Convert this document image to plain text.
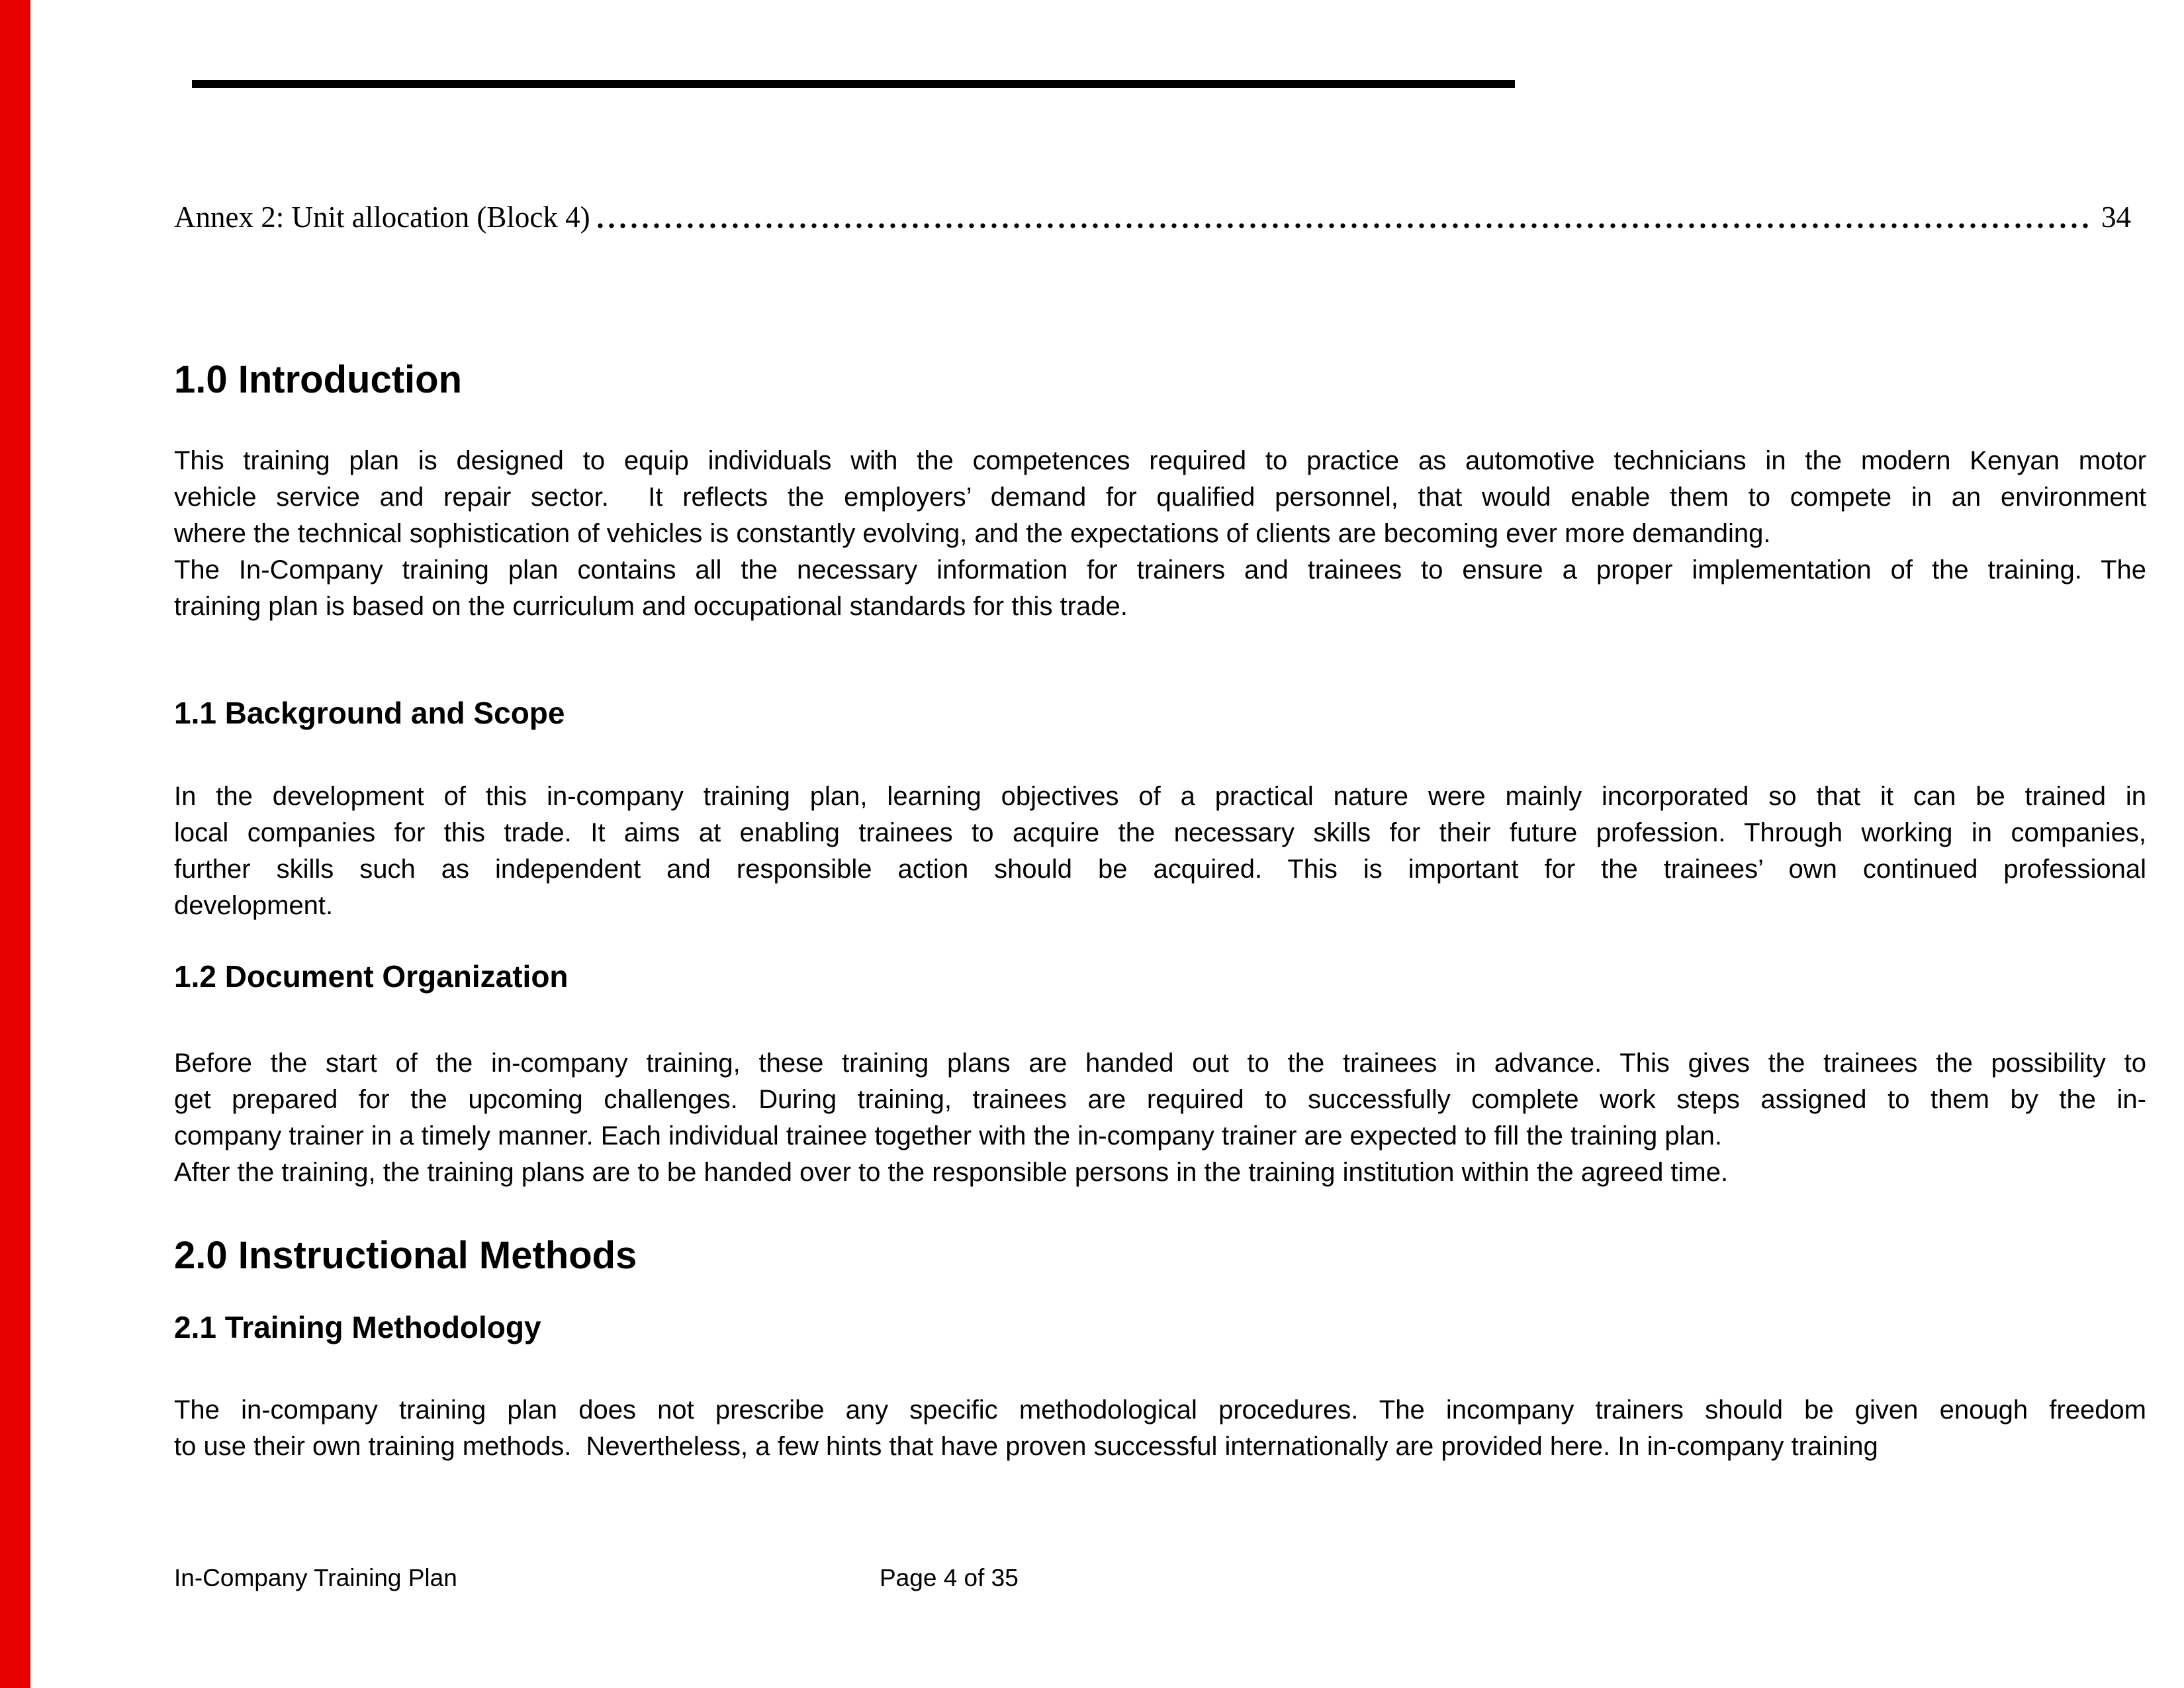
Annex 2: Unit allocation (Block 4)	34
1.0 Introduction
This training plan is designed to equip individuals with the competences required to practice as automotive technicians in the modern Kenyan motor
vehicle service and repair sector.  It reflects the employers’ demand for qualified personnel, that would enable them to compete in an environment
where the technical sophistication of vehicles is constantly evolving, and the expectations of clients are becoming ever more demanding.
The In-Company training plan contains all the necessary information for trainers and trainees to ensure a proper implementation of the training. The
training plan is based on the curriculum and occupational standards for this trade.
1.1 Background and Scope
In the development of this in-company training plan, learning objectives of a practical nature were mainly incorporated so that it can be trained in
local companies for this trade. It aims at enabling trainees to acquire the necessary skills for their future profession. Through working in companies,
further skills such as independent and responsible action should be acquired. This is important for the trainees’ own continued professional
development.
1.2 Document Organization
Before the start of the in-company training, these training plans are handed out to the trainees in advance. This gives the trainees the possibility to
get prepared for the upcoming challenges. During training, trainees are required to successfully complete work steps assigned to them by the in-
company trainer in a timely manner. Each individual trainee together with the in-company trainer are expected to fill the training plan.
After the training, the training plans are to be handed over to the responsible persons in the training institution within the agreed time.
2.0 Instructional Methods
2.1 Training Methodology
The in-company training plan does not prescribe any specific methodological procedures. The incompany trainers should be given enough freedom
to use their own training methods.  Nevertheless, a few hints that have proven successful internationally are provided here. In in-company training
In-Company Training Plan	Page 4 of 35
